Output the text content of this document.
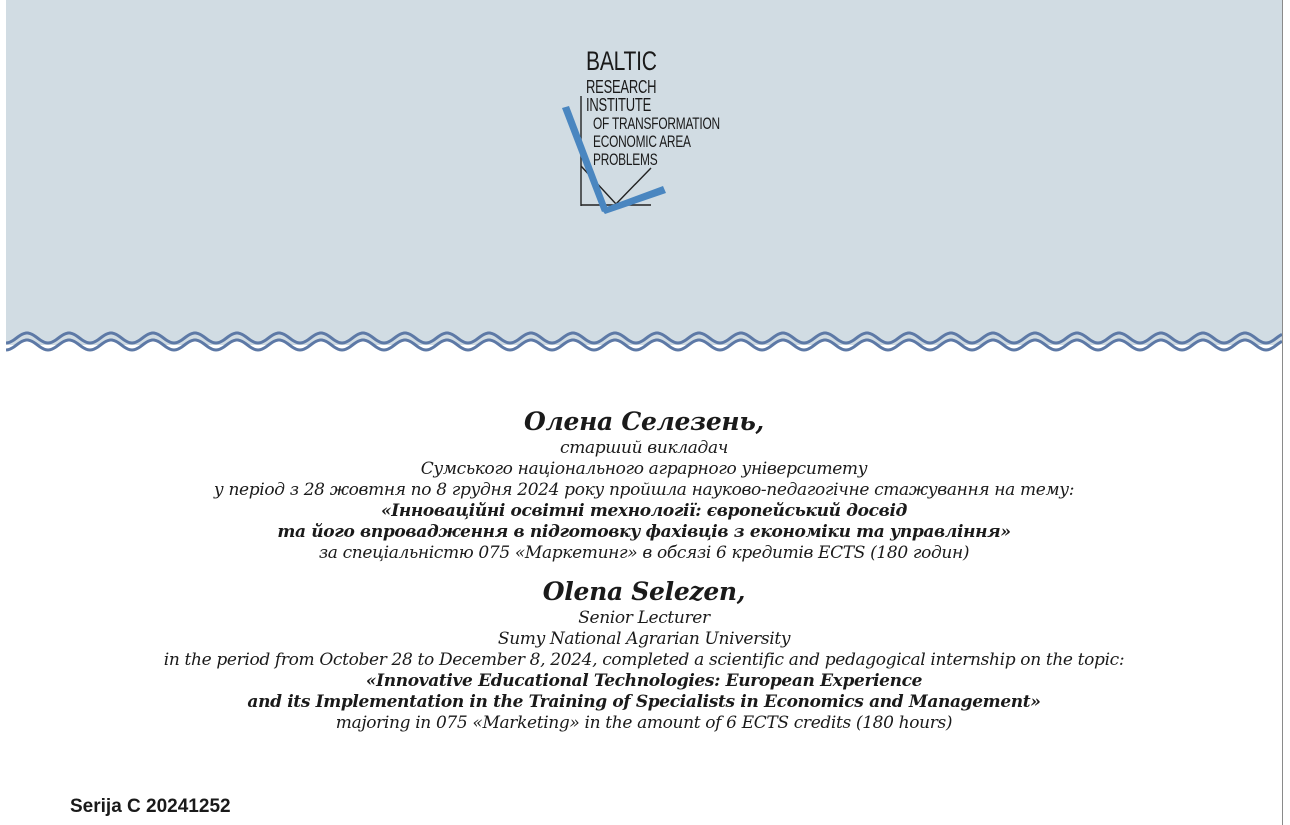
BALTIC

RESEARCH

INSTITUTE

OF TRANSFORMATION

ECONOMIC AREA

PROBLEMS

Олена Селезень,
старший викладач
Сумського національного аграрного університету
у період з 28 жовтня по 8 грудня 2024 року пройшла науково-педагогічне стажування на тему:
«Інноваційні освітні технології: європейський досвід
та його впровадження в підготовку фахівців з економіки та управління»
за спеціальністю 075 «Маркетинг» в обсязі 6 кредитів ECTS (180 годин)
Olena Selezen,
Senior Lecturer
Sumy National Agrarian University
in the period from October 28 to December 8, 2024, completed a scientific and pedagogical internship on the topic:
«Innovative Educational Technologies: European Experience
and its Implementation in the Training of Specialists in Economics and Management»
majoring in 075 «Marketing» in the amount of 6 ECTS credits (180 hours)

Serija C 20241252
